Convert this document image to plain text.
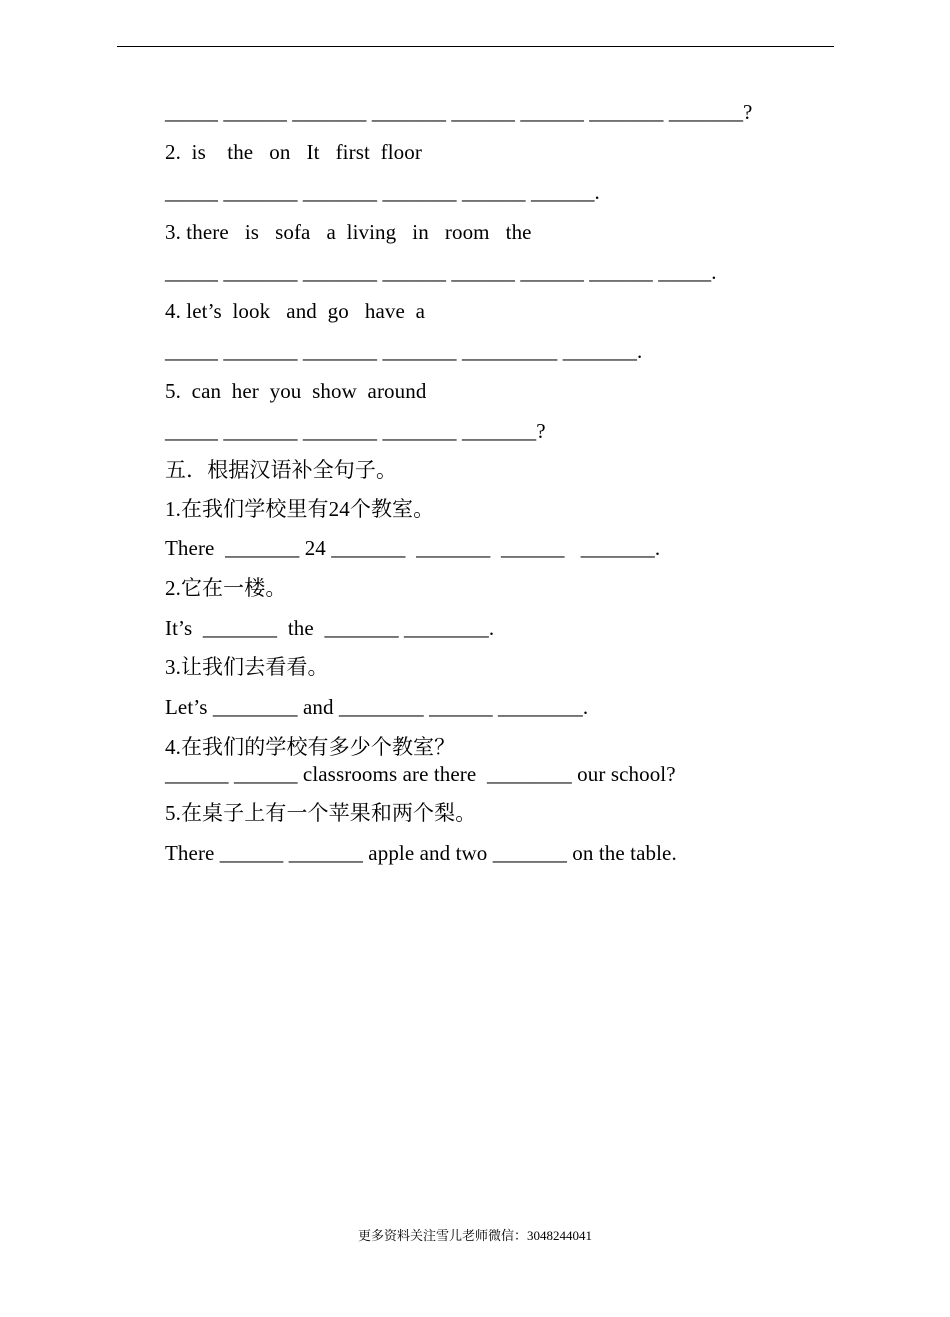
_____ ______ _______ _______ ______ ______ _______ _______?
2.  is    the   on   It   first  floor
_____ _______ _______ _______ ______ ______.
3. there   is   sofa   a  living   in   room   the
_____ _______ _______ ______ ______ ______ ______ _____.
4. let’s  look   and  go   have  a
_____ _______ _______ _______ _________ _______.
5.  can  her  you  show  around
_____ _______ _______ _______ _______?
五．根据汉语补全句子。
1.在我们学校里有24个教室。
There  _______ 24 _______  _______  ______   _______.
2.它在一楼。
It’s  _______  the  _______ ________.
3.让我们去看看。
Let’s ________ and ________ ______ ________.
4.在我们的学校有多少个教室？
______ ______ classrooms are there  ________ our school?
5.在桌子上有一个苹果和两个梨。
There ______ _______ apple and two _______ on the table.
更多资料关注雪儿老师微信：3048244041
